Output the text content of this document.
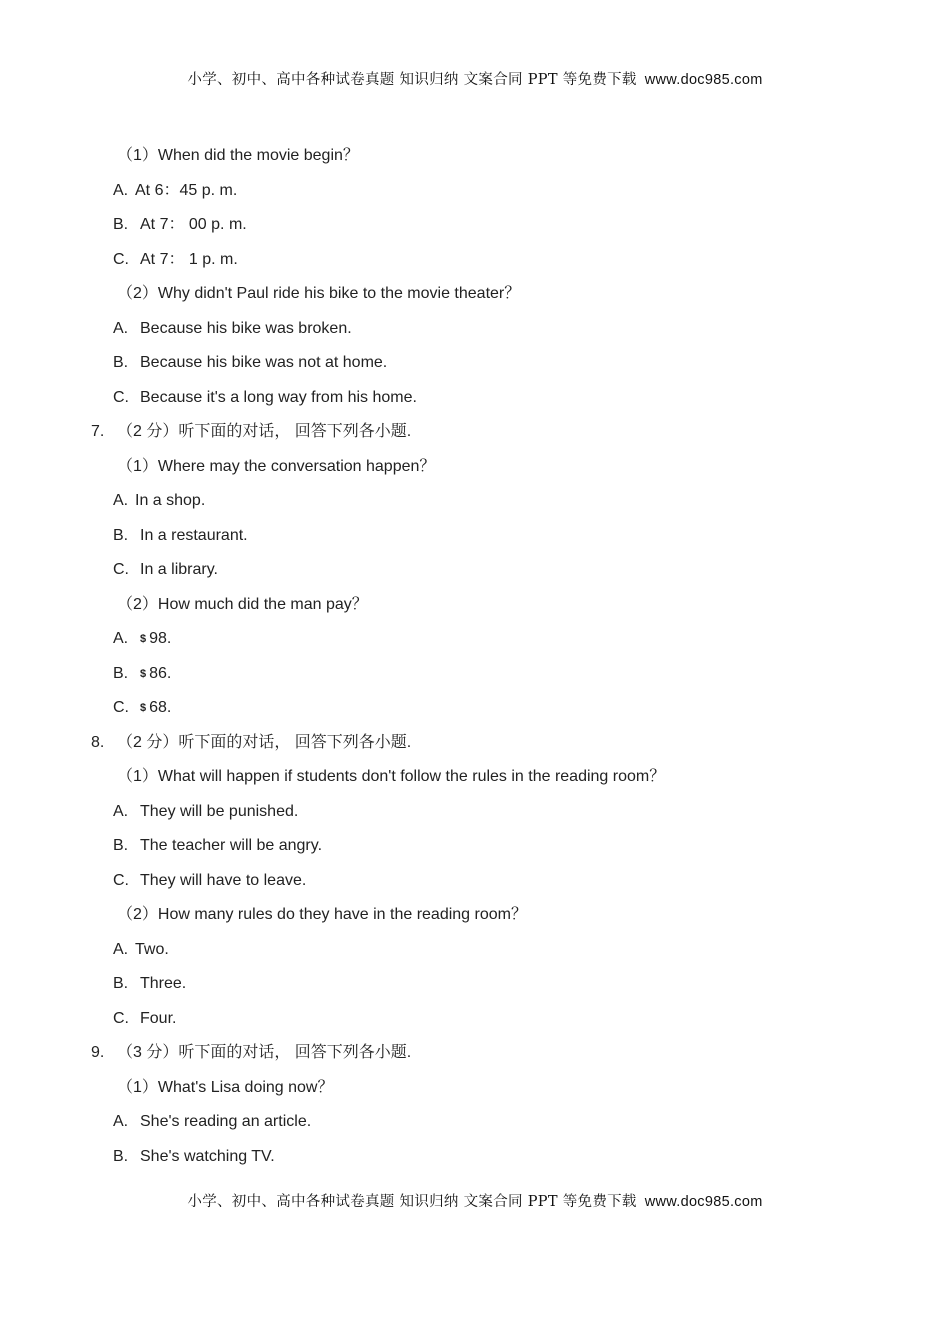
小学、初中、高中各种试卷真题 知识归纳 文案合同 PPT 等免费下载 www.doc985.com
（1）When did the movie begin？
A. At 6：45 p. m.
B. At 7： 00 p. m.
C. At 7： 1 p. m.
（2）Why didn't Paul ride his bike to the movie theater？
A. Because his bike was broken.
B. Because his bike was not at home.
C. Because it's a long way from his home.
7. （2 分）听下面的对话， 回答下列各小题.
（1）Where may the conversation happen？
A. In a shop.
B. In a restaurant.
C. In a library.
（2）How much did the man pay？
A. $ 98.
B. $ 86.
C. $ 68.
8. （2 分）听下面的对话， 回答下列各小题.
（1）What will happen if students don't follow the rules in the reading room？
A. They will be punished.
B. The teacher will be angry.
C. They will have to leave.
（2）How many rules do they have in the reading room？
A. Two.
B. Three.
C. Four.
9. （3 分）听下面的对话， 回答下列各小题.
（1）What's Lisa doing now？
A. She's reading an article.
B. She's watching TV.
小学、初中、高中各种试卷真题 知识归纳 文案合同 PPT 等免费下载 www.doc985.com
